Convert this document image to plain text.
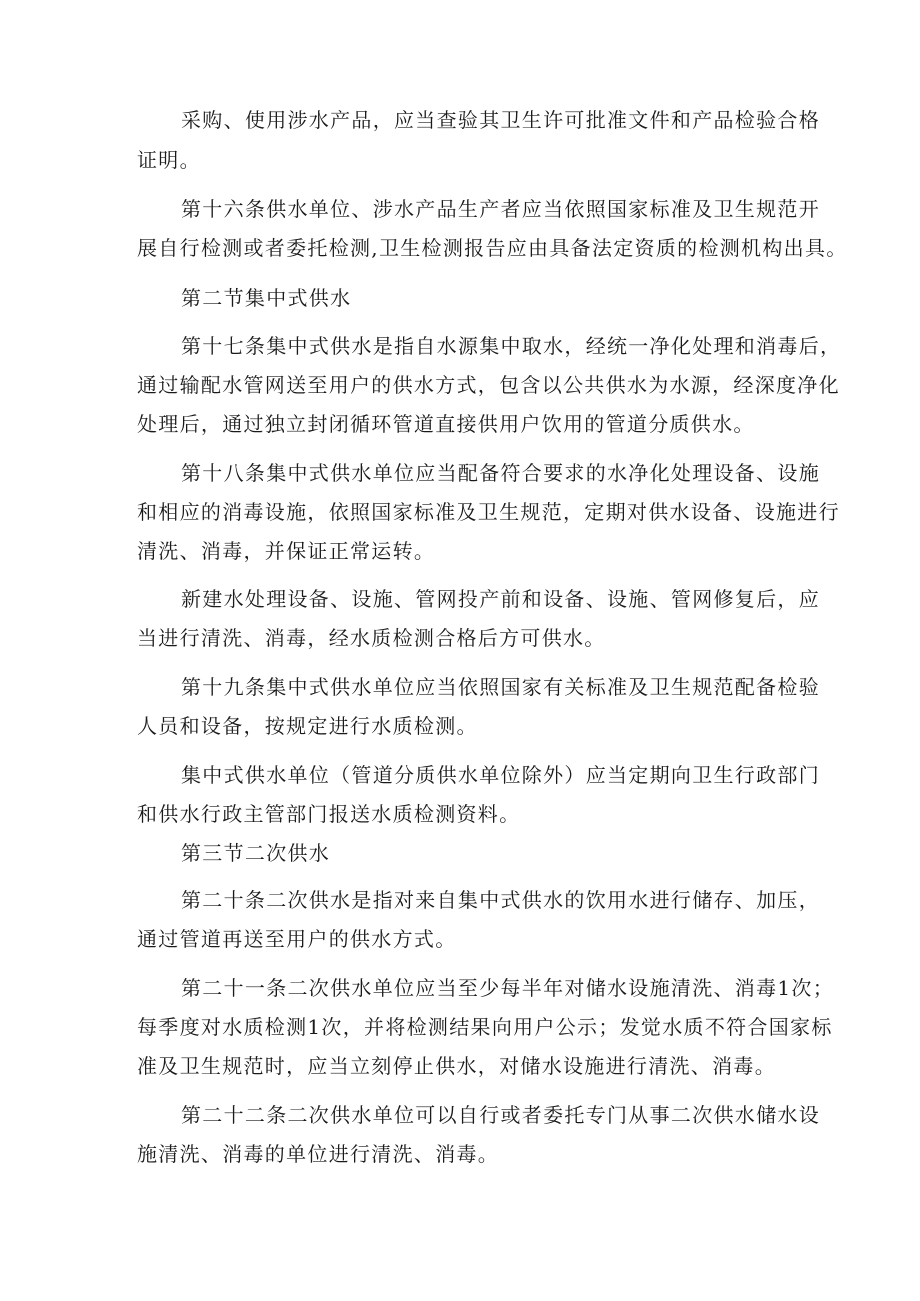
采购、使用涉水产品，应当查验其卫生许可批准文件和产品检验合格
证明。
第十六条供水单位、涉水产品生产者应当依照国家标准及卫生规范开
展自行检测或者委托检测,卫生检测报告应由具备法定资质的检测机构出具。
第二节集中式供水
第十七条集中式供水是指自水源集中取水，经统一净化处理和消毒后，
通过输配水管网送至用户的供水方式，包含以公共供水为水源，经深度净化
处理后，通过独立封闭循环管道直接供用户饮用的管道分质供水。
第十八条集中式供水单位应当配备符合要求的水净化处理设备、设施
和相应的消毒设施，依照国家标准及卫生规范，定期对供水设备、设施进行
清洗、消毒，并保证正常运转。
新建水处理设备、设施、管网投产前和设备、设施、管网修复后，应
当进行清洗、消毒，经水质检测合格后方可供水。
第十九条集中式供水单位应当依照国家有关标准及卫生规范配备检验
人员和设备，按规定进行水质检测。
集中式供水单位（管道分质供水单位除外）应当定期向卫生行政部门
和供水行政主管部门报送水质检测资料。
第三节二次供水
第二十条二次供水是指对来自集中式供水的饮用水进行储存、加压，
通过管道再送至用户的供水方式。
第二十一条二次供水单位应当至少每半年对储水设施清洗、消毒1次；
每季度对水质检测1次，并将检测结果向用户公示；发觉水质不符合国家标
准及卫生规范时，应当立刻停止供水，对储水设施进行清洗、消毒。
第二十二条二次供水单位可以自行或者委托专门从事二次供水储水设
施清洗、消毒的单位进行清洗、消毒。
